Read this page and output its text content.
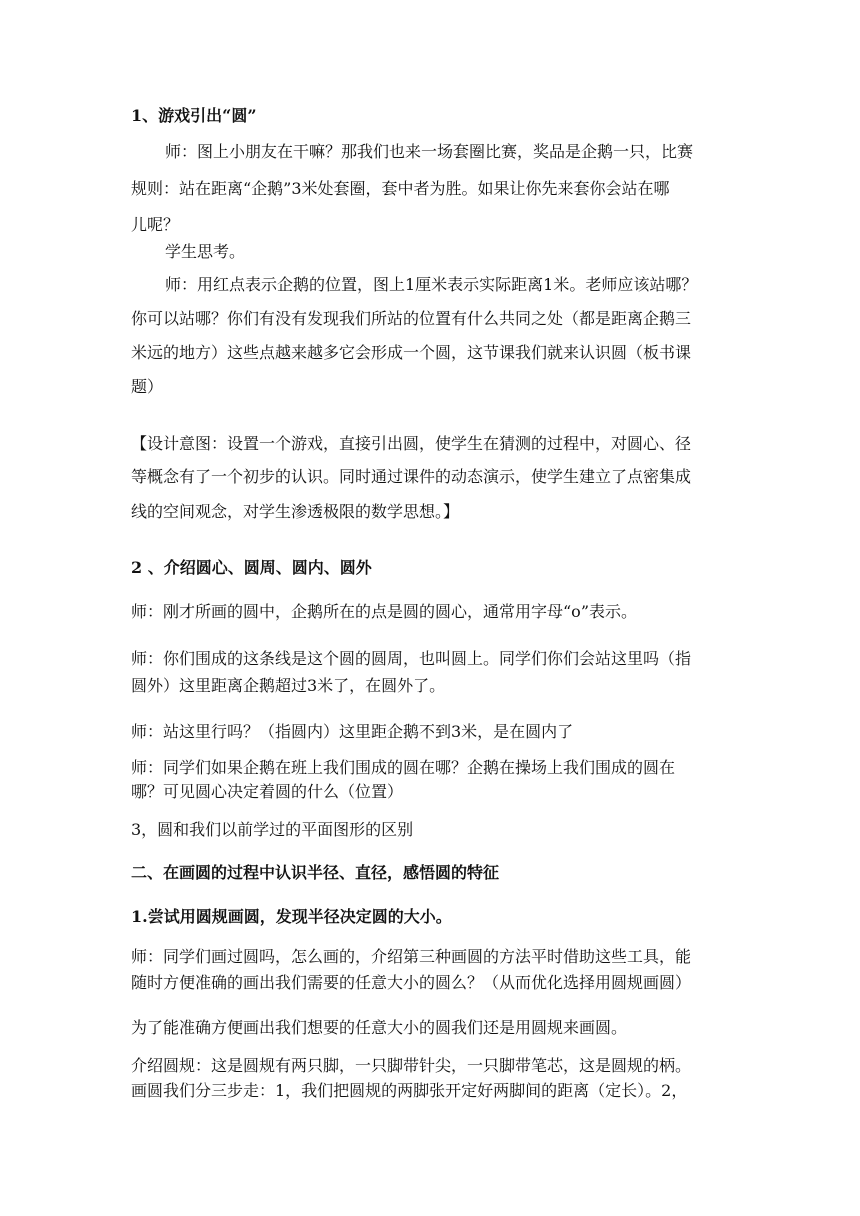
1、游戏引出“圆”
师：图上小朋友在干嘛？那我们也来一场套圈比赛，奖品是企鹅一只，比赛
规则：站在距离“企鹅”3米处套圈，套中者为胜。如果让你先来套你会站在哪
儿呢？
学生思考。
师：用红点表示企鹅的位置，图上1厘米表示实际距离1米。老师应该站哪？
你可以站哪？你们有没有发现我们所站的位置有什么共同之处（都是距离企鹅三
米远的地方）这些点越来越多它会形成一个圆，这节课我们就来认识圆（板书课
题）
【设计意图：设置一个游戏，直接引出圆，使学生在猜测的过程中，对圆心、径
等概念有了一个初步的认识。同时通过课件的动态演示，使学生建立了点密集成
线的空间观念，对学生渗透极限的数学思想。】
2 、介绍圆心、圆周、圆内、圆外
师：刚才所画的圆中，企鹅所在的点是圆的圆心，通常用字母“o”表示。
师：你们围成的这条线是这个圆的圆周，也叫圆上。同学们你们会站这里吗（指
圆外）这里距离企鹅超过3米了，在圆外了。
师：站这里行吗？（指圆内）这里距企鹅不到3米，是在圆内了
师：同学们如果企鹅在班上我们围成的圆在哪？企鹅在操场上我们围成的圆在
哪？可见圆心决定着圆的什么（位置）
3，圆和我们以前学过的平面图形的区别
二、在画圆的过程中认识半径、直径，感悟圆的特征
1.尝试用圆规画圆，发现半径决定圆的大小。
师：同学们画过圆吗，怎么画的，介绍第三种画圆的方法平时借助这些工具，能
随时方便准确的画出我们需要的任意大小的圆么？（从而优化选择用圆规画圆）
为了能准确方便画出我们想要的任意大小的圆我们还是用圆规来画圆。
介绍圆规：这是圆规有两只脚，一只脚带针尖，一只脚带笔芯，这是圆规的柄。
画圆我们分三步走：1，我们把圆规的两脚张开定好两脚间的距离（定长）。2，
